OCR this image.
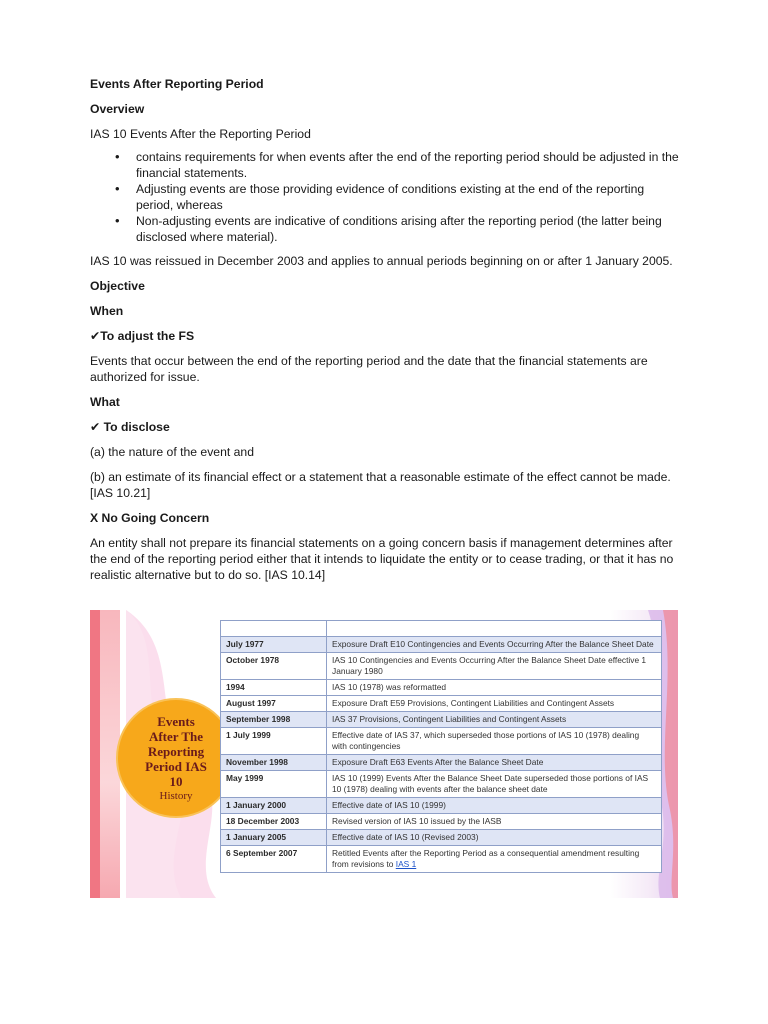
Events After Reporting Period

Overview

IAS 10 Events After the Reporting Period

• contains requirements for when events after the end of the reporting period should be adjusted in the financial statements.
• Adjusting events are those providing evidence of conditions existing at the end of the reporting period, whereas
• Non-adjusting events are indicative of conditions arising after the reporting period (the latter being disclosed where material).

IAS 10 was reissued in December 2003 and applies to annual periods beginning on or after 1 January 2005.

Objective

When

✔To adjust the FS

Events that occur between the end of the reporting period and the date that the financial statements are authorized for issue.

What

✔ To disclose

(a) the nature of the event and

(b) an estimate of its financial effect or a statement that a reasonable estimate of the effect cannot be made. [IAS 10.21]

X No Going Concern

An entity shall not prepare its financial statements on a going concern basis if management determines after the end of the reporting period either that it intends to liquidate the entity or to cease trading, or that it has no realistic alternative but to do so. [IAS 10.14]

Events
After The
Reporting
Period IAS
10
History

July 1977	Exposure Draft E10 Contingencies and Events Occurring After the Balance Sheet Date
October 1978	IAS 10 Contingencies and Events Occurring After the Balance Sheet Date effective 1 January 1980
1994	IAS 10 (1978) was reformatted
August 1997	Exposure Draft E59 Provisions, Contingent Liabilities and Contingent Assets
September 1998	IAS 37 Provisions, Contingent Liabilities and Contingent Assets
1 July 1999	Effective date of IAS 37, which superseded those portions of IAS 10 (1978) dealing with contingencies
November 1998	Exposure Draft E63 Events After the Balance Sheet Date
May 1999	IAS 10 (1999) Events After the Balance Sheet Date superseded those portions of IAS 10 (1978) dealing with events after the balance sheet date
1 January 2000	Effective date of IAS 10 (1999)
18 December 2003	Revised version of IAS 10 issued by the IASB
1 January 2005	Effective date of IAS 10 (Revised 2003)
6 September 2007	Retitled Events after the Reporting Period as a consequential amendment resulting from revisions to IAS 1
